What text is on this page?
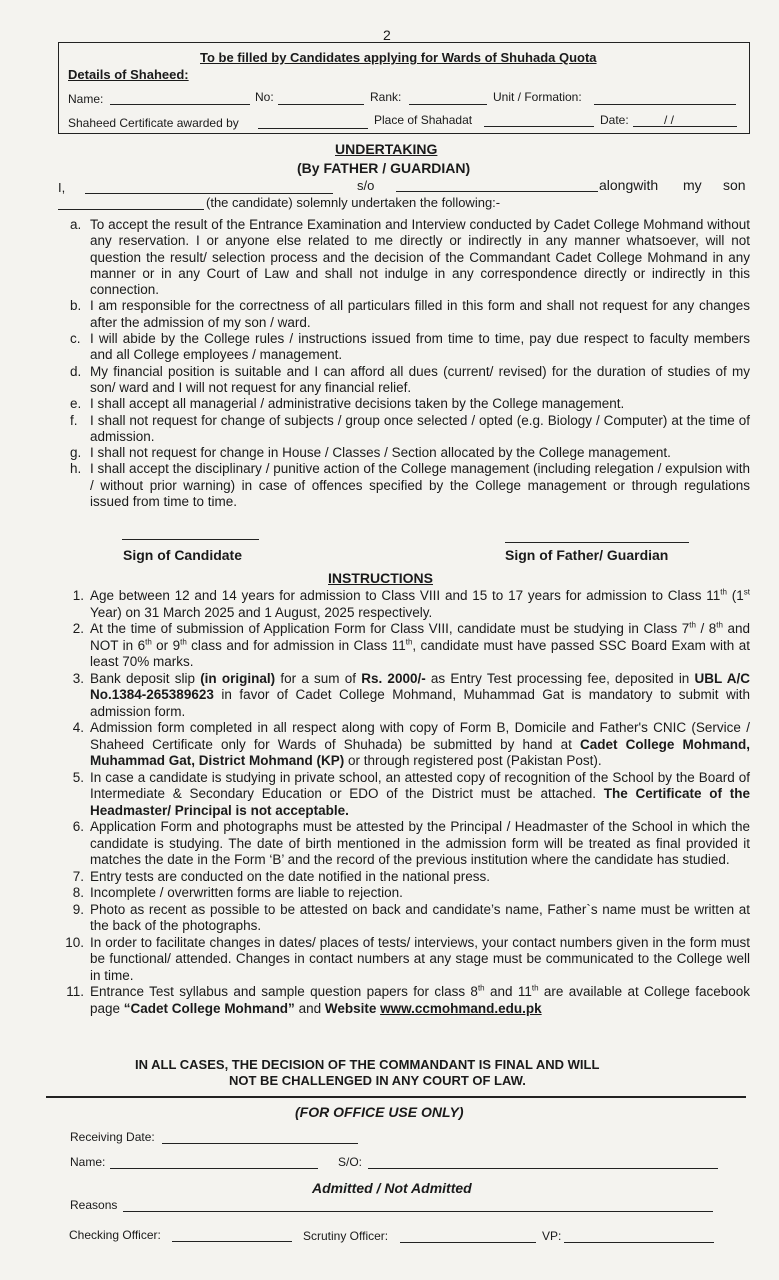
2
To be filled by Candidates applying for Wards of Shuhada Quota
Details of Shaheed:
Name:	No:	Rank:	Unit / Formation:
Shaheed Certificate awarded by	Place of Shahadat	Date:	/ /
UNDERTAKING
(By FATHER / GUARDIAN)
I,	s/o	alongwith my son
(the candidate) solemnly undertaken the following:-
a. To accept the result of the Entrance Examination and Interview conducted by Cadet College Mohmand without any reservation. I or anyone else related to me directly or indirectly in any manner whatsoever, will not question the result/ selection process and the decision of the Commandant Cadet College Mohmand in any manner or in any Court of Law and shall not indulge in any correspondence directly or indirectly in this connection.
b. I am responsible for the correctness of all particulars filled in this form and shall not request for any changes after the admission of my son / ward.
c. I will abide by the College rules / instructions issued from time to time, pay due respect to faculty members and all College employees / management.
d. My financial position is suitable and I can afford all dues (current/ revised) for the duration of studies of my son/ ward and I will not request for any financial relief.
e. I shall accept all managerial / administrative decisions taken by the College management.
f. I shall not request for change of subjects / group once selected / opted (e.g. Biology / Computer) at the time of admission.
g. I shall not request for change in House / Classes / Section allocated by the College management.
h. I shall accept the disciplinary / punitive action of the College management (including relegation / expulsion with / without prior warning) in case of offences specified by the College management or through regulations issued from time to time.
Sign of Candidate	Sign of Father/ Guardian
INSTRUCTIONS
1. Age between 12 and 14 years for admission to Class VIII and 15 to 17 years for admission to Class 11th (1st Year) on 31 March 2025 and 1 August, 2025 respectively.
2. At the time of submission of Application Form for Class VIII, candidate must be studying in Class 7th / 8th and NOT in 6th or 9th class and for admission in Class 11th, candidate must have passed SSC Board Exam with at least 70% marks.
3. Bank deposit slip (in original) for a sum of Rs. 2000/- as Entry Test processing fee, deposited in UBL A/C No.1384-265389623 in favor of Cadet College Mohmand, Muhammad Gat is mandatory to submit with admission form.
4. Admission form completed in all respect along with copy of Form B, Domicile and Father's CNIC (Service / Shaheed Certificate only for Wards of Shuhada) be submitted by hand at Cadet College Mohmand, Muhammad Gat, District Mohmand (KP) or through registered post (Pakistan Post).
5. In case a candidate is studying in private school, an attested copy of recognition of the School by the Board of Intermediate & Secondary Education or EDO of the District must be attached. The Certificate of the Headmaster/ Principal is not acceptable.
6. Application Form and photographs must be attested by the Principal / Headmaster of the School in which the candidate is studying. The date of birth mentioned in the admission form will be treated as final provided it matches the date in the Form ‘B’ and the record of the previous institution where the candidate has studied.
7. Entry tests are conducted on the date notified in the national press.
8. Incomplete / overwritten forms are liable to rejection.
9. Photo as recent as possible to be attested on back and candidate’s name, Father`s name must be written at the back of the photographs.
10. In order to facilitate changes in dates/ places of tests/ interviews, your contact numbers given in the form must be functional/ attended. Changes in contact numbers at any stage must be communicated to the College well in time.
11. Entrance Test syllabus and sample question papers for class 8th and 11th are available at College facebook page “Cadet College Mohmand” and Website www.ccmohmand.edu.pk
IN ALL CASES, THE DECISION OF THE COMMANDANT IS FINAL AND WILL
NOT BE CHALLENGED IN ANY COURT OF LAW.
(FOR OFFICE USE ONLY)
Receiving Date:
Name:	S/O:
Admitted / Not Admitted
Reasons
Checking Officer:	Scrutiny Officer:	VP:
